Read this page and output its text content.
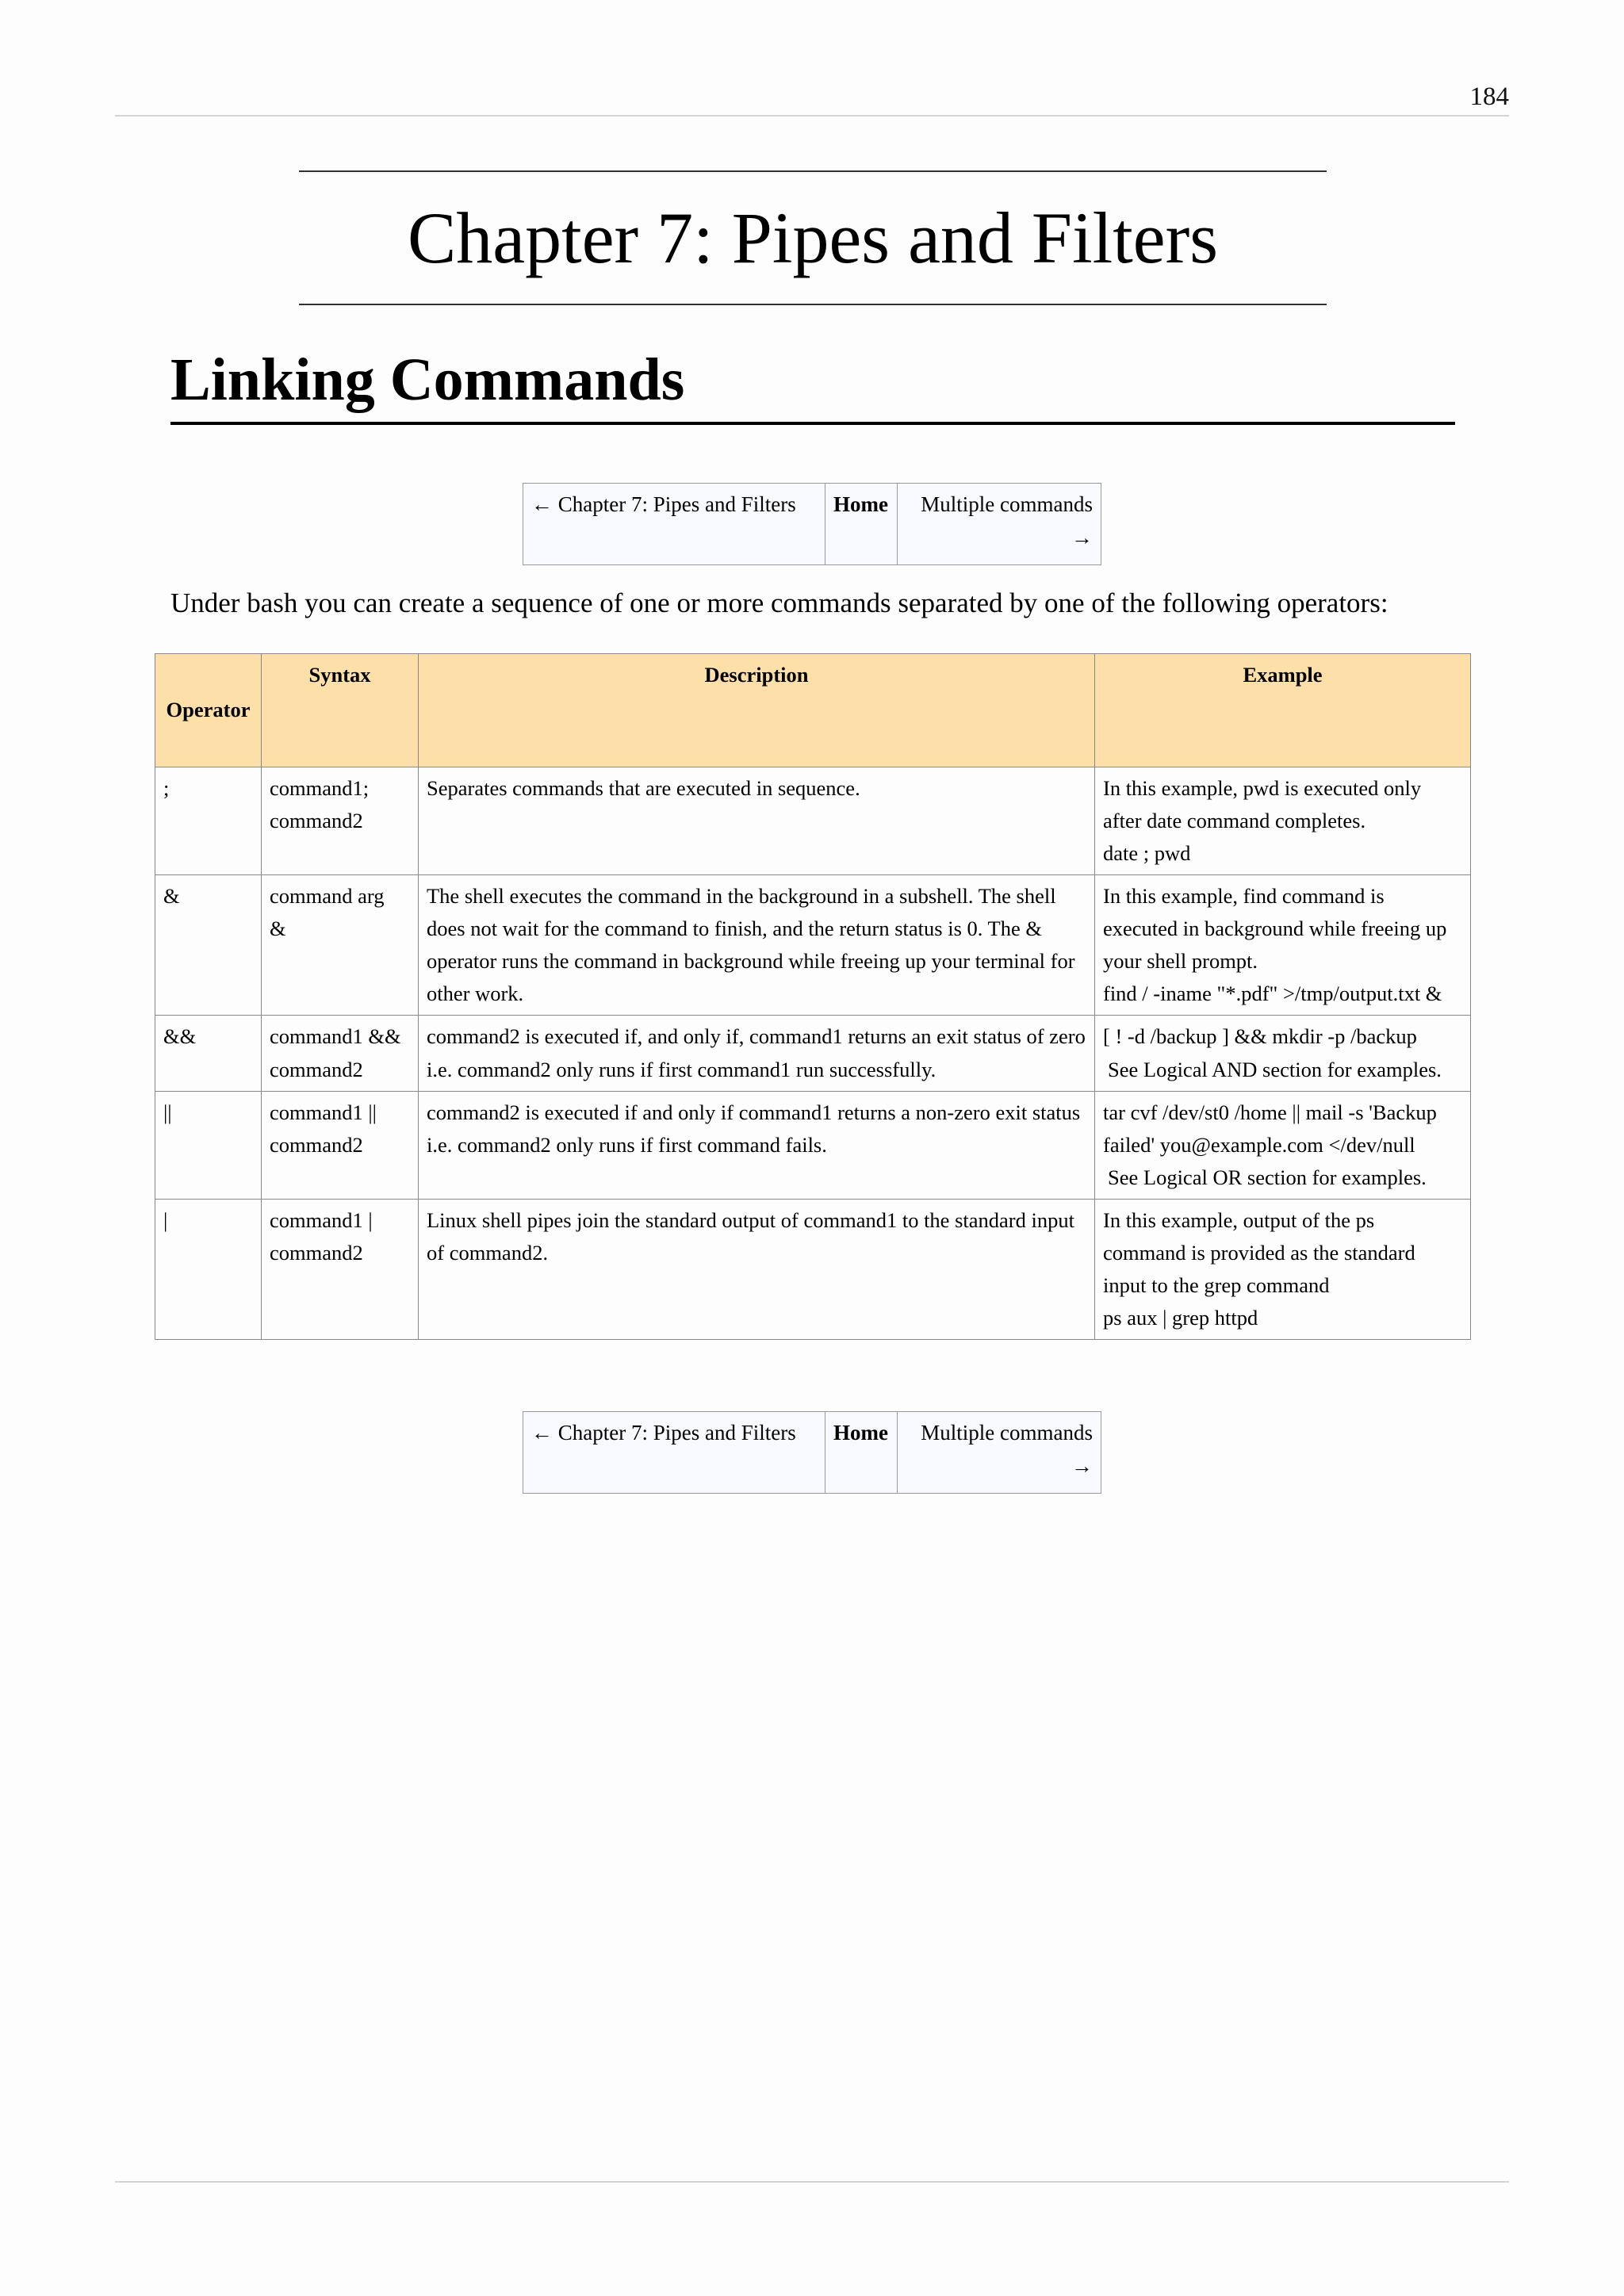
184
Chapter 7: Pipes and Filters
Linking Commands
← Chapter 7: Pipes and Filters	Home	Multiple commands
→

Under bash you can create a sequence of one or more commands separated by one of the following operators:

Operator	Syntax	Description	Example
;	command1;
command2	Separates commands that are executed in sequence.	In this example, pwd is executed only after date command completes.
date ; pwd

&	command arg
&	The shell executes the command in the background in a subshell. The shell does not wait for the command to finish, and the return status is 0. The & operator runs the command in background while freeing up your terminal for other work.	In this example, find command is executed in background while freeing up your shell prompt.
find / -iname "*.pdf" >/tmp/output.txt &

&&	command1 &&
command2	command2 is executed if, and only if, command1 returns an exit status of zero i.e. command2 only runs if first command1 run successfully.	[ ! -d /backup ] && mkdir -p /backup
See Logical AND section for examples.

||	command1 ||
command2	command2 is executed if and only if command1 returns a non-zero exit status i.e. command2 only runs if first command fails.	tar cvf /dev/st0 /home || mail -s 'Backup failed' you@example.com </dev/null
See Logical OR section for examples.

|	command1 |
command2	Linux shell pipes join the standard output of command1 to the standard input of command2.	In this example, output of the ps command is provided as the standard input to the grep command
ps aux | grep httpd
← Chapter 7: Pipes and Filters	Home	Multiple commands
→
